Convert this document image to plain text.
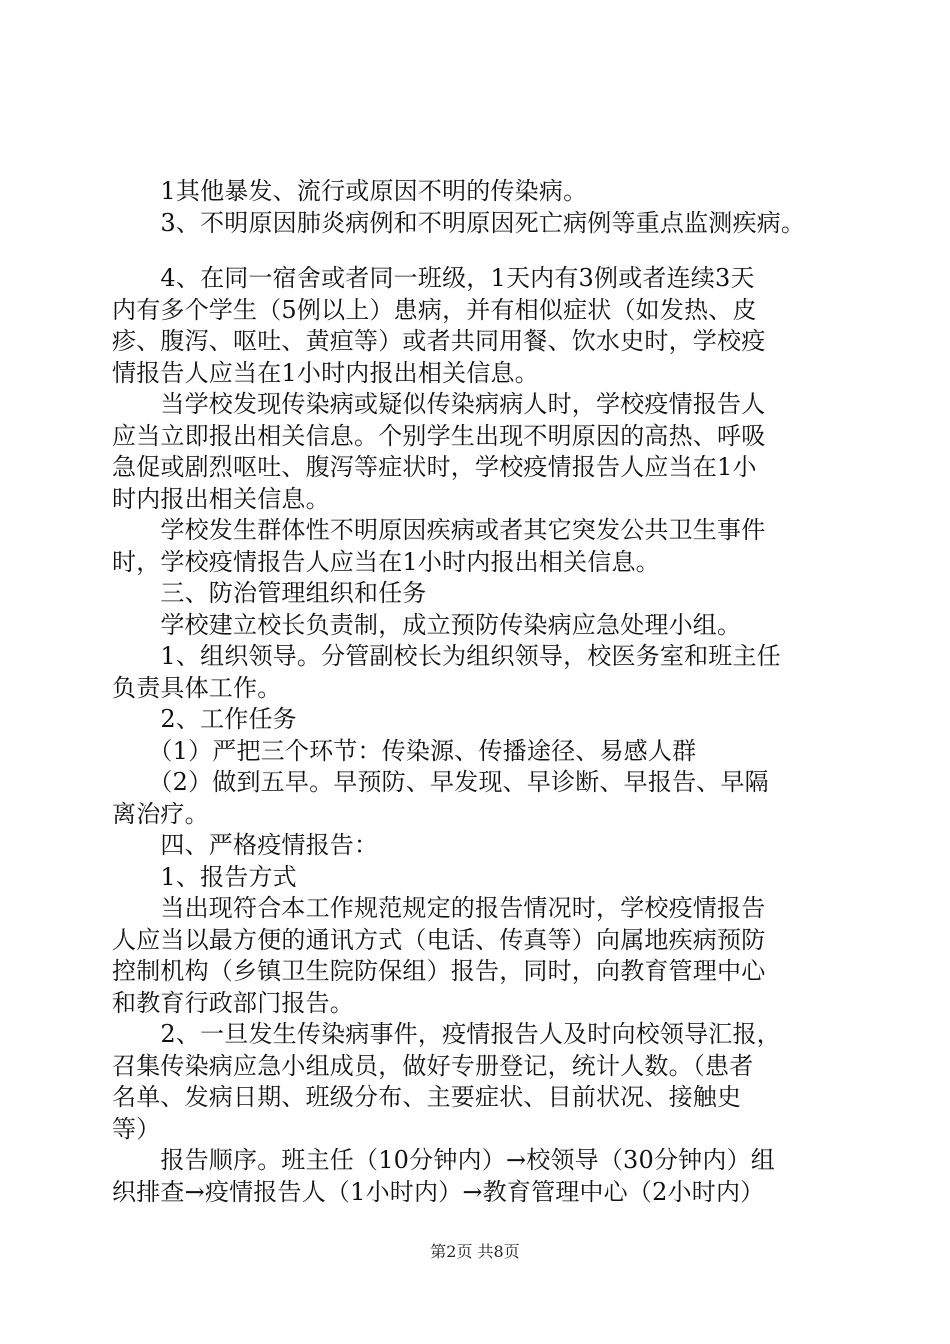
　　1其他暴发、流行或原因不明的传染病。
　　3、不明原因肺炎病例和不明原因死亡病例等重点监测疾病。
　　4、在同一宿舍或者同一班级，1天内有3例或者连续3天
内有多个学生（5例以上）患病，并有相似症状（如发热、皮
疹、腹泻、呕吐、黄疸等）或者共同用餐、饮水史时，学校疫
情报告人应当在1小时内报出相关信息。
　　当学校发现传染病或疑似传染病病人时，学校疫情报告人
应当立即报出相关信息。个别学生出现不明原因的高热、呼吸
急促或剧烈呕吐、腹泻等症状时，学校疫情报告人应当在1小
时内报出相关信息。
　　学校发生群体性不明原因疾病或者其它突发公共卫生事件
时，学校疫情报告人应当在1小时内报出相关信息。
　　三、防治管理组织和任务
　　学校建立校长负责制，成立预防传染病应急处理小组。
　　1、组织领导。分管副校长为组织领导，校医务室和班主任
负责具体工作。
　　2、工作任务
　　（1）严把三个环节：传染源、传播途径、易感人群
　　（2）做到五早。早预防、早发现、早诊断、早报告、早隔
离治疗。
　　四、严格疫情报告：
　　1、报告方式
　　当出现符合本工作规范规定的报告情况时，学校疫情报告
人应当以最方便的通讯方式（电话、传真等）向属地疾病预防
控制机构（乡镇卫生院防保组）报告，同时，向教育管理中心
和教育行政部门报告。
　　2、一旦发生传染病事件，疫情报告人及时向校领导汇报，
召集传染病应急小组成员，做好专册登记，统计人数。（患者
名单、发病日期、班级分布、主要症状、目前状况、接触史
等）
　　报告顺序。班主任（10分钟内）→校领导（30分钟内）组
织排查→疫情报告人（1小时内）→教育管理中心（2小时内）
第2页 共8页
